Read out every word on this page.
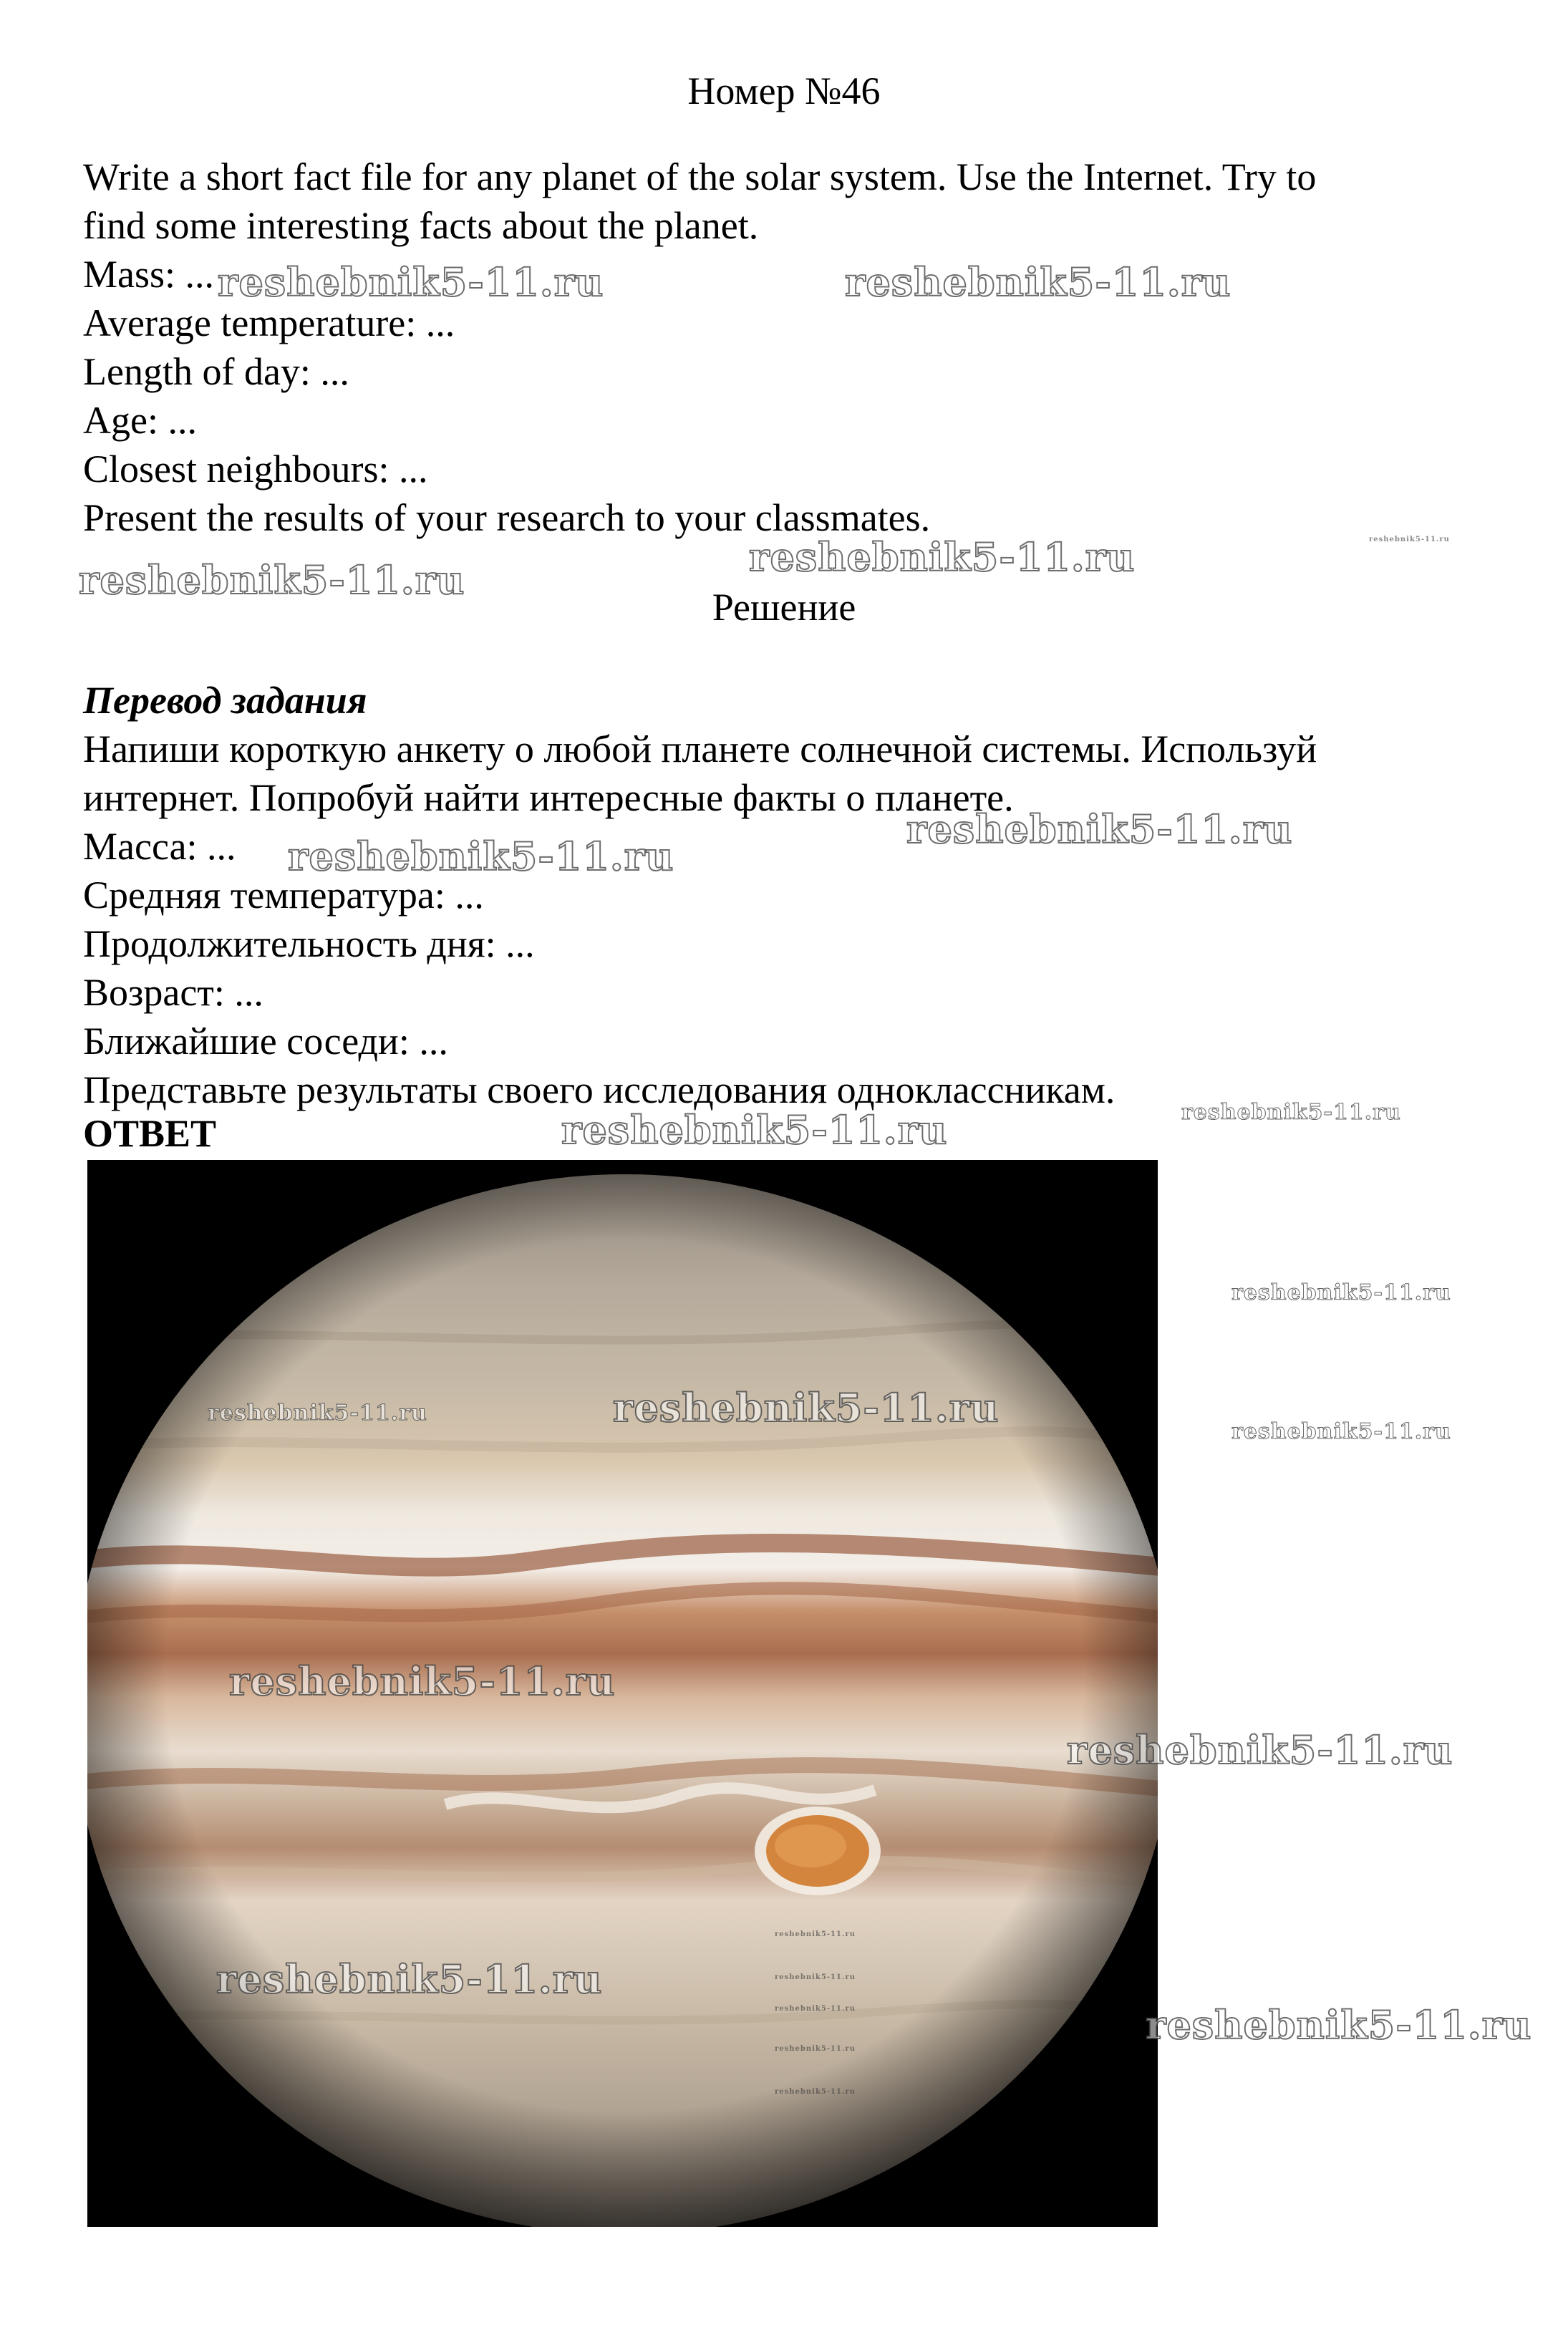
Номер №46
Write a short fact file for any planet of the solar system. Use the Internet. Try to
find some interesting facts about the planet.
Mass: ...
Average temperature: ...
Length of day: ...
Age: ...
Closest neighbours: ...
Present the results of your research to your classmates.
Решение
Перевод задания
Напиши короткую анкету о любой планете солнечной системы. Используй
интернет. Попробуй найти интересные факты о планете.
Масса: ...
Средняя температура: ...
Продолжительность дня: ...
Возраст: ...
Ближайшие соседи: ...
Представьте результаты своего исследования одноклассникам.
ОТВЕТ
reshebnik5-11.ru	reshebnik5-11.ru
reshebnik5-11.ru
reshebnik5-11.ru	reshebnik5-11.ru
reshebnik5-11.ru
reshebnik5-11.ru
reshebnik5-11.ru
reshebnik5-11.ru
reshebnik5-11.ru
reshebnik5-11.ru
reshebnik5-11.ru
reshebnik5-11.ru
reshebnik5-11.ru
reshebnik5-11.ru
reshebnik5-11.ru
reshebnik5-11.ru	reshebnik5-11.ru
reshebnik5-11.ru	reshebnik5-11.ru
reshebnik5-11.ru
reshebnik5-11.ru
